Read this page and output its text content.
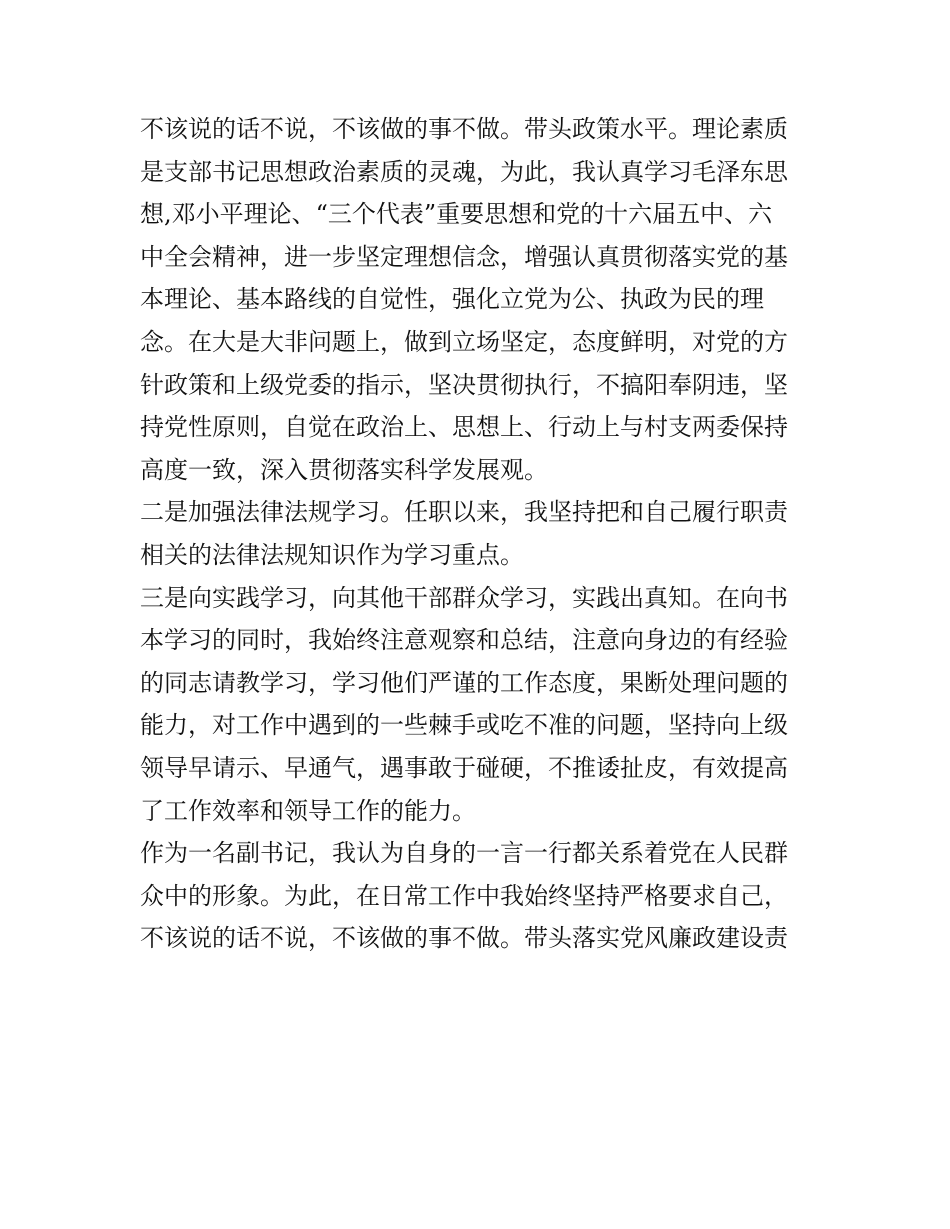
不该说的话不说，不该做的事不做。带头政策水平。理论素质
是支部书记思想政治素质的灵魂，为此，我认真学习毛泽东思
想,邓小平理论、“三个代表”重要思想和党的十六届五中、六
中全会精神，进一步坚定理想信念，增强认真贯彻落实党的基
本理论、基本路线的自觉性，强化立党为公、执政为民的理
念。在大是大非问题上，做到立场坚定，态度鲜明，对党的方
针政策和上级党委的指示，坚决贯彻执行，不搞阳奉阴违，坚
持党性原则，自觉在政治上、思想上、行动上与村支两委保持
高度一致，深入贯彻落实科学发展观。
二是加强法律法规学习。任职以来，我坚持把和自己履行职责
相关的法律法规知识作为学习重点。
三是向实践学习，向其他干部群众学习，实践出真知。在向书
本学习的同时，我始终注意观察和总结，注意向身边的有经验
的同志请教学习，学习他们严谨的工作态度，果断处理问题的
能力，对工作中遇到的一些棘手或吃不准的问题，坚持向上级
领导早请示、早通气，遇事敢于碰硬，不推诿扯皮，有效提高
了工作效率和领导工作的能力。
作为一名副书记，我认为自身的一言一行都关系着党在人民群
众中的形象。为此，在日常工作中我始终坚持严格要求自己，
不该说的话不说，不该做的事不做。带头落实党风廉政建设责
